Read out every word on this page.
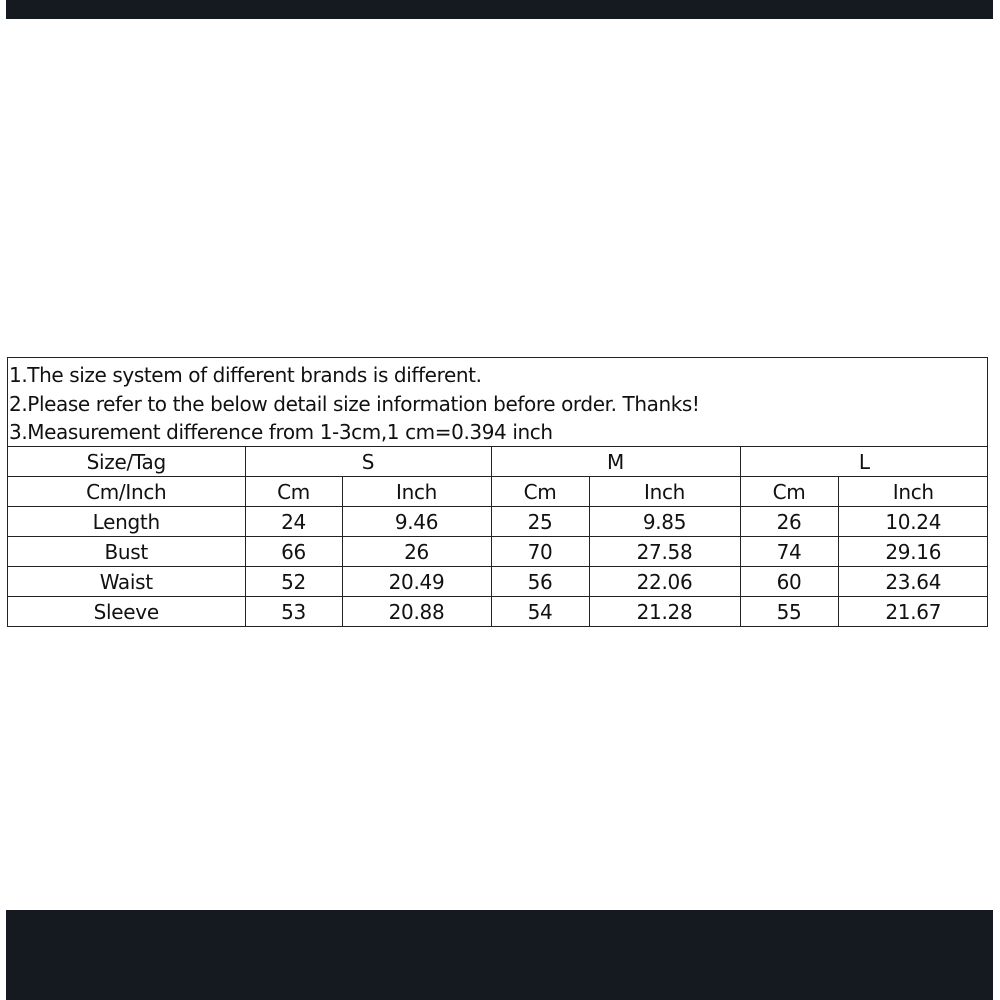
1.The size system of different brands is different.
2.Please refer to the below detail size information before order. Thanks!
3.Measurement difference from 1-3cm,1 cm=0.394 inch
Size/Tag	S		M		L	
Cm/Inch	Cm	Inch	Cm	Inch	Cm	Inch
Length	24	9.46	25	9.85	26	10.24
Bust	66	26	70	27.58	74	29.16
Waist	52	20.49	56	22.06	60	23.64
Sleeve	53	20.88	54	21.28	55	21.67
